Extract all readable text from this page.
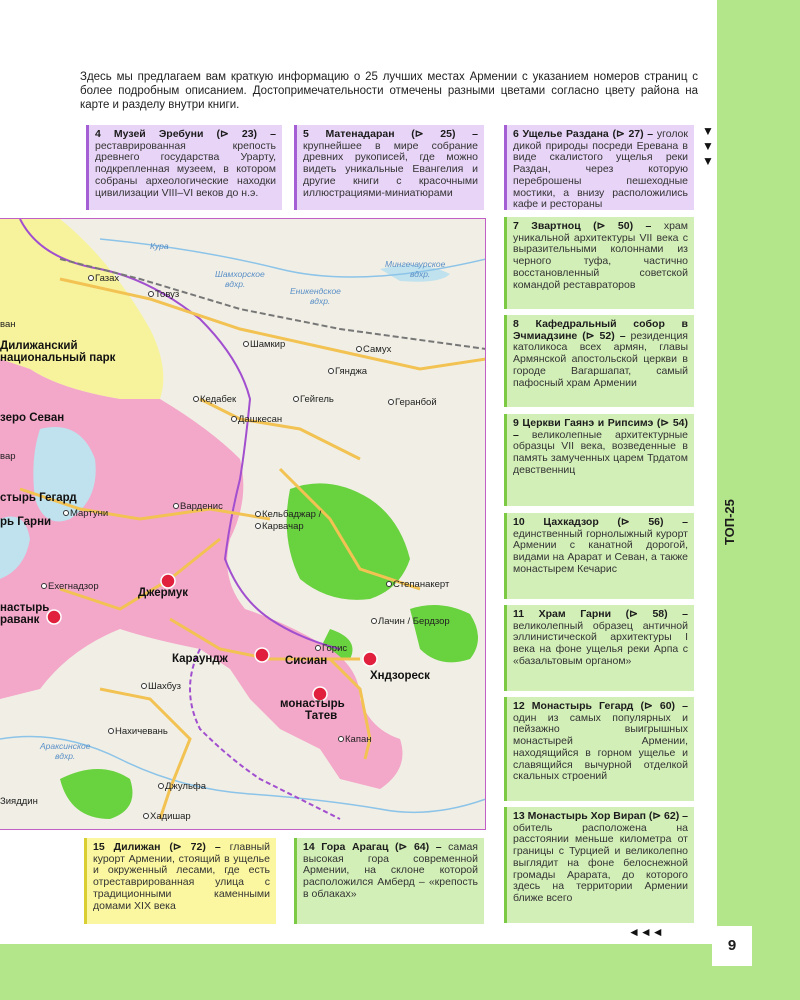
ТОП-25
9
▼▼▼
◄◄◄
Здесь мы предлагаем вам краткую информацию о 25 лучших местах Армении с указанием номеров страниц с более подробным описанием. Достопримечательности отмечены разными цветами согласно цвету района на карте и разделу внутри книги.
4 Музей Эребуни (⊳ 23) – реставрированная крепость древнего государства Урарту, подкрепленная музеем, в котором собраны археологические находки цивилизации VIII–VI веков до н.э.
5 Матенадаран (⊳ 25) – крупнейшее в мире собрание древних рукописей, где можно видеть уникальные Евангелия и другие книги с красочными иллюстрациями-миниатюрами
6 Ущелье Раздана (⊳ 27) – уголок дикой природы посреди Еревана в виде скалистого ущелья реки Раздан, через которую переброшены пешеходные мостики, а внизу расположились кафе и рестораны
7 Звартноц (⊳ 50) – храм уникальной архитектуры VII века с выразительными колоннами из черного туфа, частично восстановленный советской командой реставраторов
8 Кафедральный собор в Эчмиадзине (⊳ 52) – резиденция католикоса всех армян, главы Армянской апостольской церкви в городе Вагаршапат, самый пафосный храм Армении
9 Церкви Гаянэ и Рипсимэ (⊳ 54) – великолепные архитектурные образцы VII века, возведенные в память замученных царем Трдатом девственниц
10 Цахкадзор (⊳ 56) – единственный горнолыжный курорт Армении с канатной дорогой, видами на Арарат и Севан, а также монастырем Кечарис
11 Храм Гарни (⊳ 58) – великолепный образец античной эллинистической архитектуры I века на фоне ущелья реки Арпа с «базальтовым органом»
12 Монастырь Гегард (⊳ 60) – один из самых популярных и пейзажно выигрышных монастырей Армении, находящийся в горном ущелье и славящийся вычурной отделкой скальных строений
13 Монастырь Хор Вирап (⊳ 62) – обитель расположена на расстоянии меньше километра от границы с Турцией и великолепно выглядит на фоне белоснежной громады Арарата, до которого здесь на территории Армении ближе всего
15 Дилижан (⊳ 72) – главный курорт Армении, стоящий в ущелье и окруженный лесами, где есть отреставрированная улица с традиционными каменными домами XIX века
14 Гора Арагац (⊳ 64) – самая высокая гора современной Армении, на склоне которой расположился Амберд – «крепость в облаках»
Газах
Товуз
Шамкир	Самух
Гянджа
Кедабек	Гейгель	Геранбой
Дашкесан
Кельбаджар /
Карвачар
Варденис
Мартуни
Степанакерт
Лачин / Бердзор
Горис
Шахбуз
Нахичевань
Джульфа
Хадишар
Капан
Зияддин
ван
вар
Ехегнадзор
Дилижанский
национальный парк
зеро Севан
стырь Гегард
рь Гарни
Джермук
настырь
раванк
Караундж	Сисиан
Хндзореск
монастырь
Татев
Кура
Шамхорское
вдхр.
Мингечаурское
вдхр.
Еникендское
вдхр.
Араксинское
вдхр.
